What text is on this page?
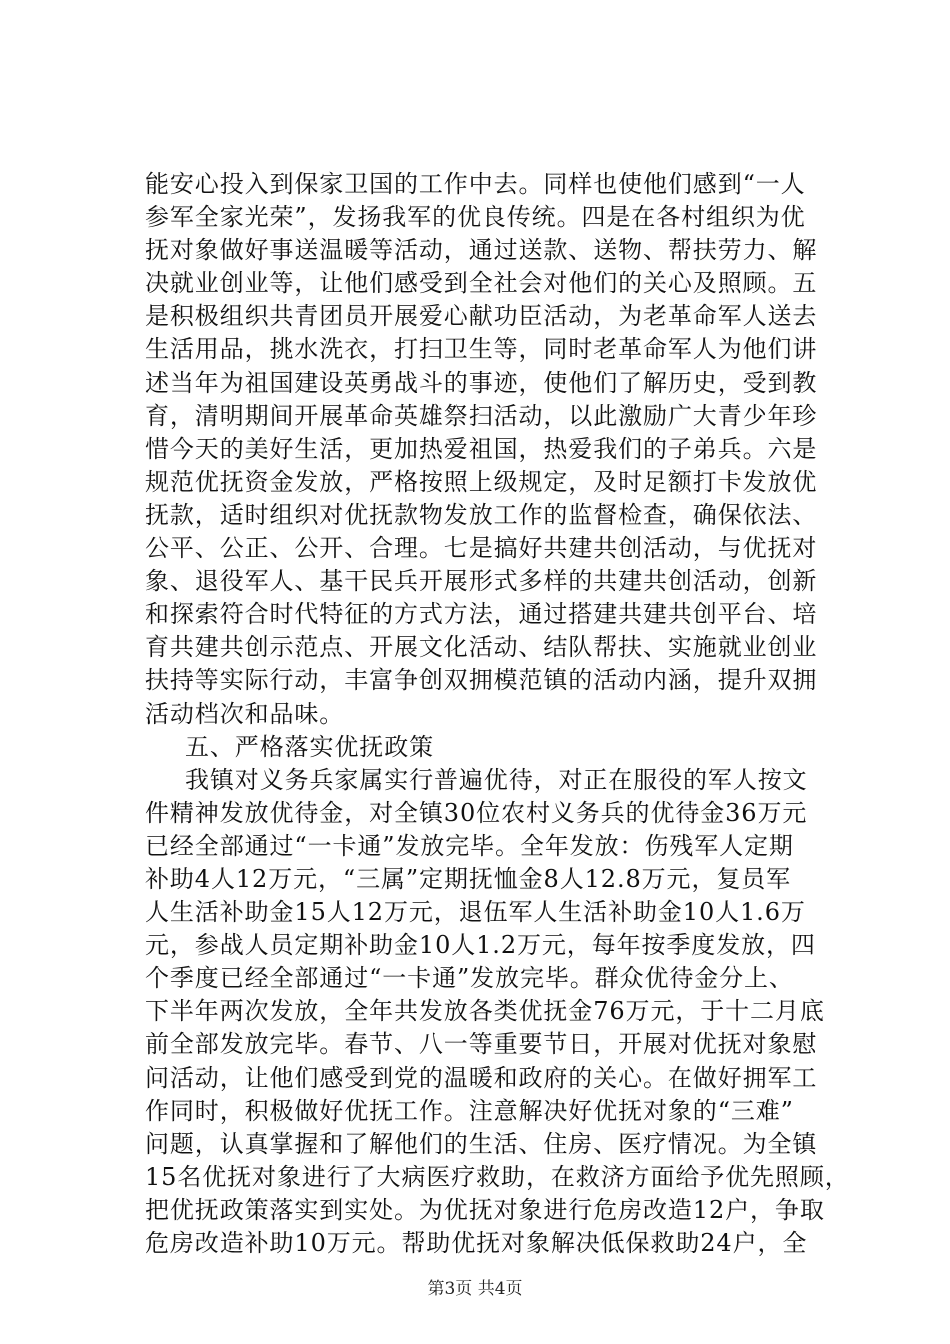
能安心投入到保家卫国的工作中去。同样也使他们感到“一人
参军全家光荣”，发扬我军的优良传统。四是在各村组织为优
抚对象做好事送温暖等活动，通过送款、送物、帮扶劳力、解
决就业创业等，让他们感受到全社会对他们的关心及照顾。五
是积极组织共青团员开展爱心献功臣活动，为老革命军人送去
生活用品，挑水洗衣，打扫卫生等，同时老革命军人为他们讲
述当年为祖国建设英勇战斗的事迹，使他们了解历史，受到教
育，清明期间开展革命英雄祭扫活动，以此激励广大青少年珍
惜今天的美好生活，更加热爱祖国，热爱我们的子弟兵。六是
规范优抚资金发放，严格按照上级规定，及时足额打卡发放优
抚款，适时组织对优抚款物发放工作的监督检查，确保依法、
公平、公正、公开、合理。七是搞好共建共创活动，与优抚对
象、退役军人、基干民兵开展形式多样的共建共创活动，创新
和探索符合时代特征的方式方法，通过搭建共建共创平台、培
育共建共创示范点、开展文化活动、结队帮扶、实施就业创业
扶持等实际行动，丰富争创双拥模范镇的活动内涵，提升双拥
活动档次和品味。
五、严格落实优抚政策
我镇对义务兵家属实行普遍优待，对正在服役的军人按文
件精神发放优待金，对全镇30位农村义务兵的优待金36万元
已经全部通过“一卡通”发放完毕。全年发放：伤残军人定期
补助4人12万元，“三属”定期抚恤金8人12.8万元，复员军
人生活补助金15人12万元，退伍军人生活补助金10人1.6万
元，参战人员定期补助金10人1.2万元，每年按季度发放，四
个季度已经全部通过“一卡通”发放完毕。群众优待金分上、
下半年两次发放，全年共发放各类优抚金76万元，于十二月底
前全部发放完毕。春节、八一等重要节日，开展对优抚对象慰
问活动，让他们感受到党的温暖和政府的关心。在做好拥军工
作同时，积极做好优抚工作。注意解决好优抚对象的“三难”
问题，认真掌握和了解他们的生活、住房、医疗情况。为全镇
15名优抚对象进行了大病医疗救助，在救济方面给予优先照顾，
把优抚政策落实到实处。为优抚对象进行危房改造12户，争取
危房改造补助10万元。帮助优抚对象解决低保救助24户，全
第3页 共4页
